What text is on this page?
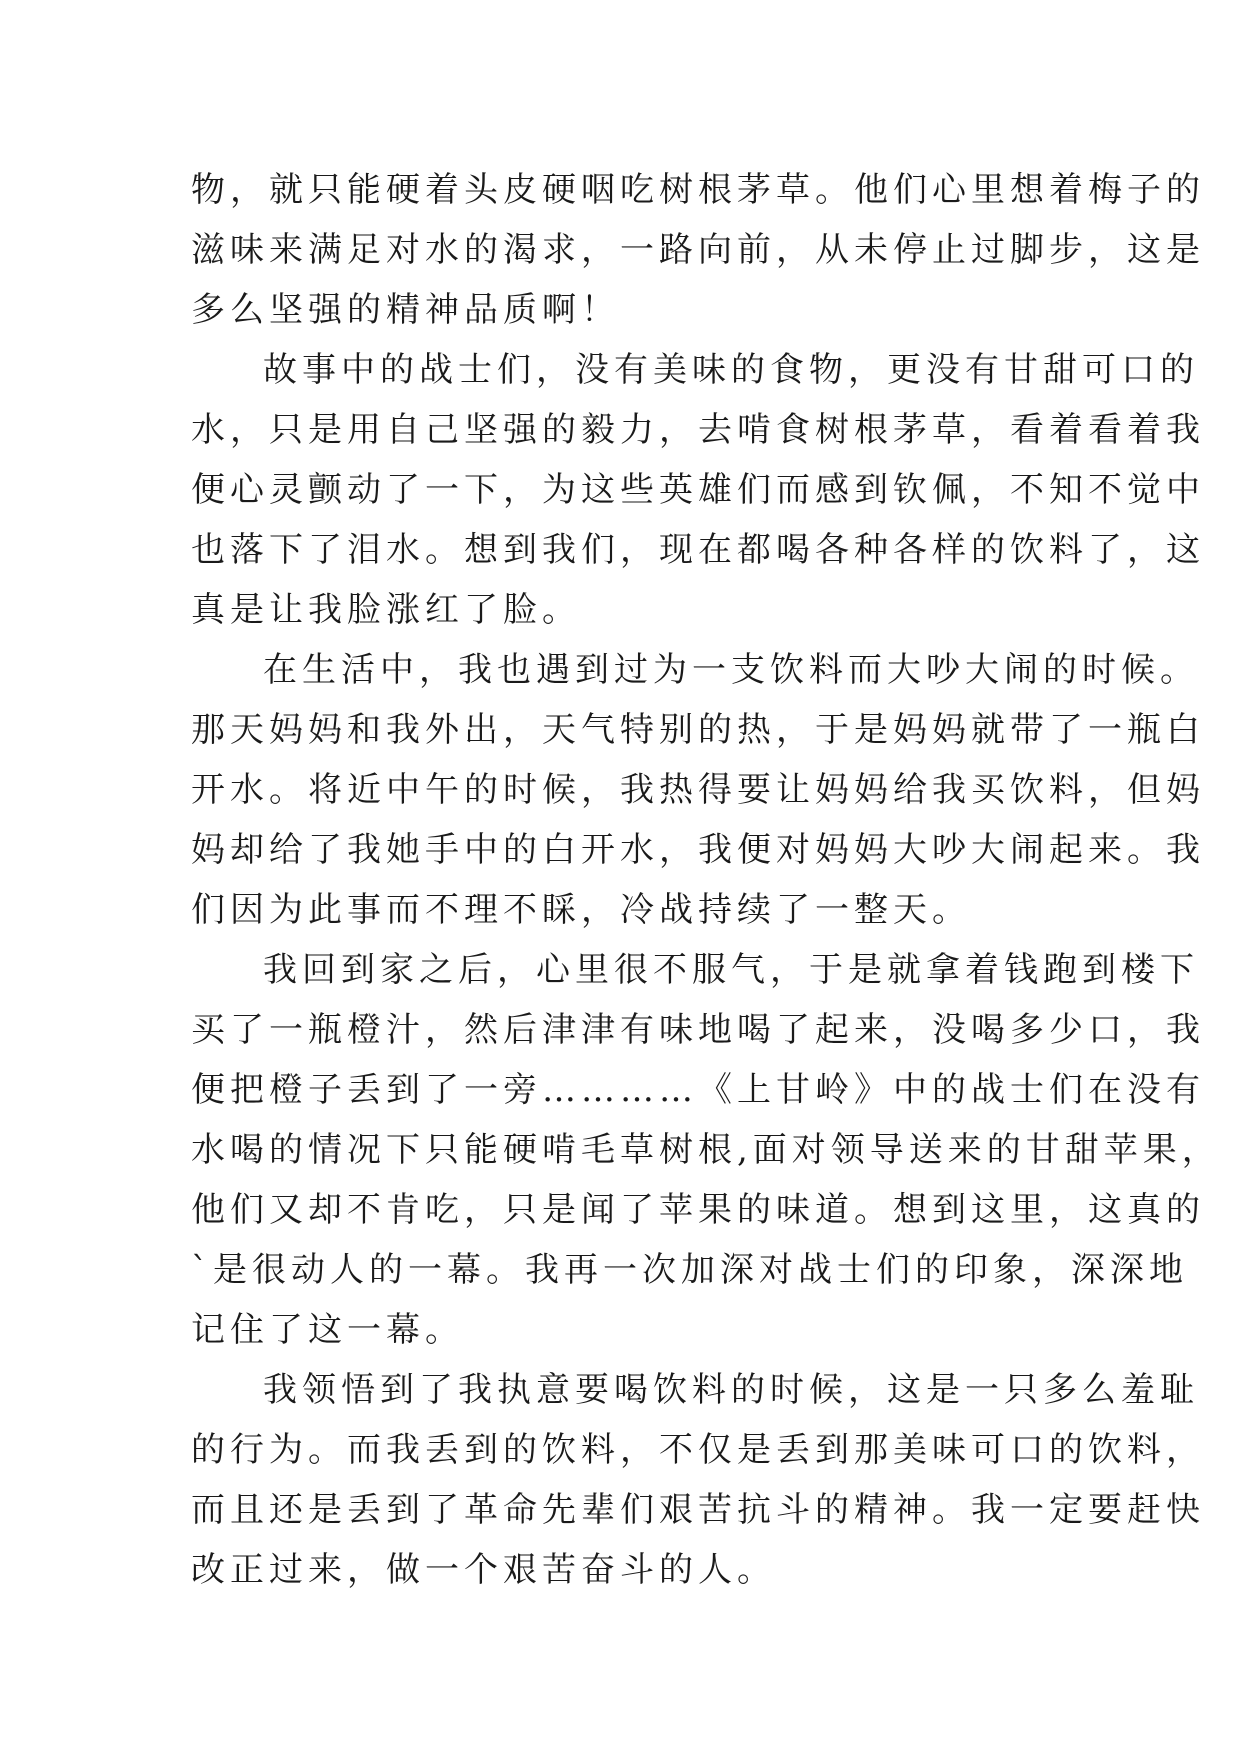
物，就只能硬着头皮硬咽吃树根茅草。他们心里想着梅子的
滋味来满足对水的渴求，一路向前，从未停止过脚步，这是
多么坚强的精神品质啊！
故事中的战士们，没有美味的食物，更没有甘甜可口的
水，只是用自己坚强的毅力，去啃食树根茅草，看着看着我
便心灵颤动了一下，为这些英雄们而感到钦佩，不知不觉中
也落下了泪水。想到我们，现在都喝各种各样的饮料了，这
真是让我脸涨红了脸。
在生活中，我也遇到过为一支饮料而大吵大闹的时候。
那天妈妈和我外出，天气特别的热，于是妈妈就带了一瓶白
开水。将近中午的时候，我热得要让妈妈给我买饮料，但妈
妈却给了我她手中的白开水，我便对妈妈大吵大闹起来。我
们因为此事而不理不睬，冷战持续了一整天。
我回到家之后，心里很不服气，于是就拿着钱跑到楼下
买了一瓶橙汁，然后津津有味地喝了起来，没喝多少口，我
便把橙子丢到了一旁…………《上甘岭》中的战士们在没有
水喝的情况下只能硬啃毛草树根,面对领导送来的甘甜苹果，
他们又却不肯吃，只是闻了苹果的味道。想到这里，这真的
`是很动人的一幕。我再一次加深对战士们的印象，深深地
记住了这一幕。
我领悟到了我执意要喝饮料的时候，这是一只多么羞耻
的行为。而我丢到的饮料，不仅是丢到那美味可口的饮料，
而且还是丢到了革命先辈们艰苦抗斗的精神。我一定要赶快
改正过来，做一个艰苦奋斗的人。
